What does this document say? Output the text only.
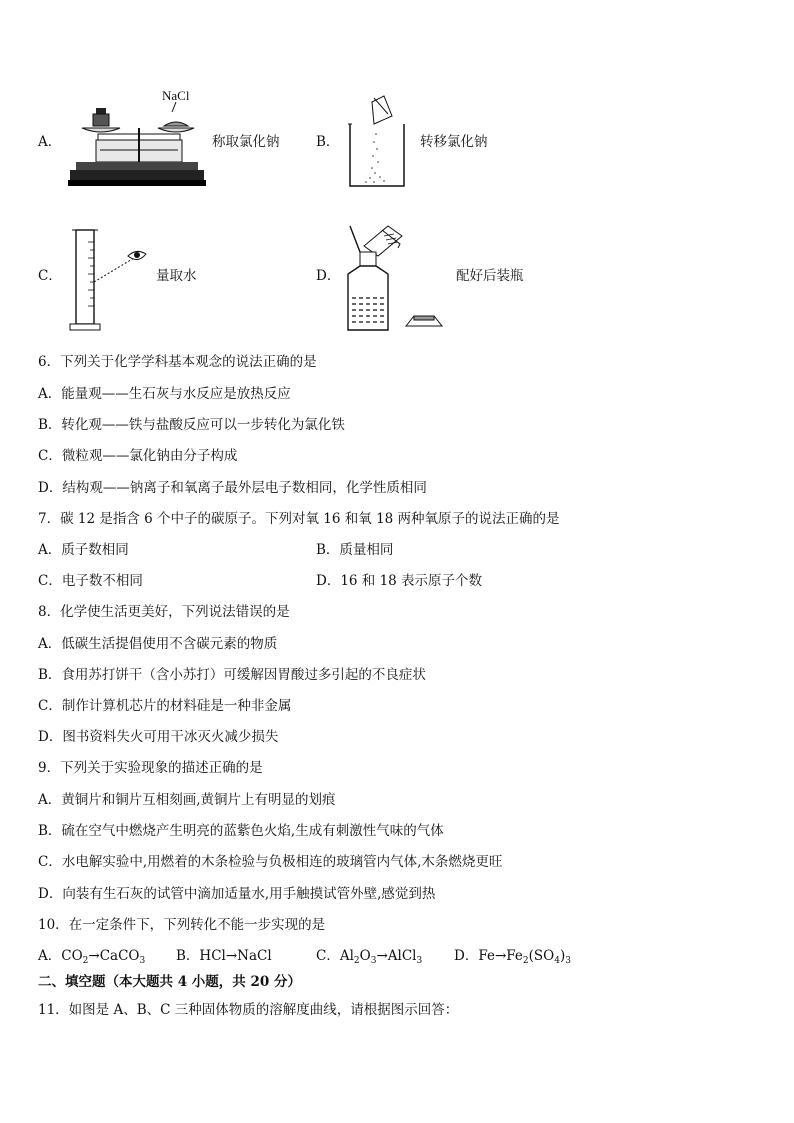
A．
NaCl
称取氯化钠	B．	转移氯化钠
C．	量取水	D．	配好后装瓶
6．下列关于化学学科基本观念的说法正确的是
A．能量观——生石灰与水反应是放热反应
B．转化观——铁与盐酸反应可以一步转化为氯化铁
C．微粒观——氯化钠由分子构成
D．结构观——钠离子和氧离子最外层电子数相同，化学性质相同
7．碳 12 是指含 6 个中子的碳原子。下列对氧 16 和氧 18 两种氧原子的说法正确的是
A．质子数相同	B．质量相同
C．电子数不相同	D．16 和 18 表示原子个数
8．化学使生活更美好，下列说法错误的是
A．低碳生活提倡使用不含碳元素的物质
B．食用苏打饼干（含小苏打）可缓解因胃酸过多引起的不良症状
C．制作计算机芯片的材料硅是一种非金属
D．图书资料失火可用干冰灭火减少损失
9．下列关于实验现象的描述正确的是
A．黄铜片和铜片互相刻画,黄铜片上有明显的划痕
B．硫在空气中燃烧产生明亮的蓝紫色火焰,生成有刺激性气味的气体
C．水电解实验中,用燃着的木条检验与负极相连的玻璃管内气体,木条燃烧更旺
D．向装有生石灰的试管中滴加适量水,用手触摸试管外壁,感觉到热
10．在一定条件下，下列转化不能一步实现的是
A．$CO_2\to CaCO_3$ B．HCl→NaCl	C．$Al_2O_3\to AlCl_3$ D．$Fe\to Fe_2(SO_4)_3$
二、填空题（本大题共 4 小题，共 20 分）
11．如图是 A、B、C 三种固体物质的溶解度曲线，请根据图示回答：
